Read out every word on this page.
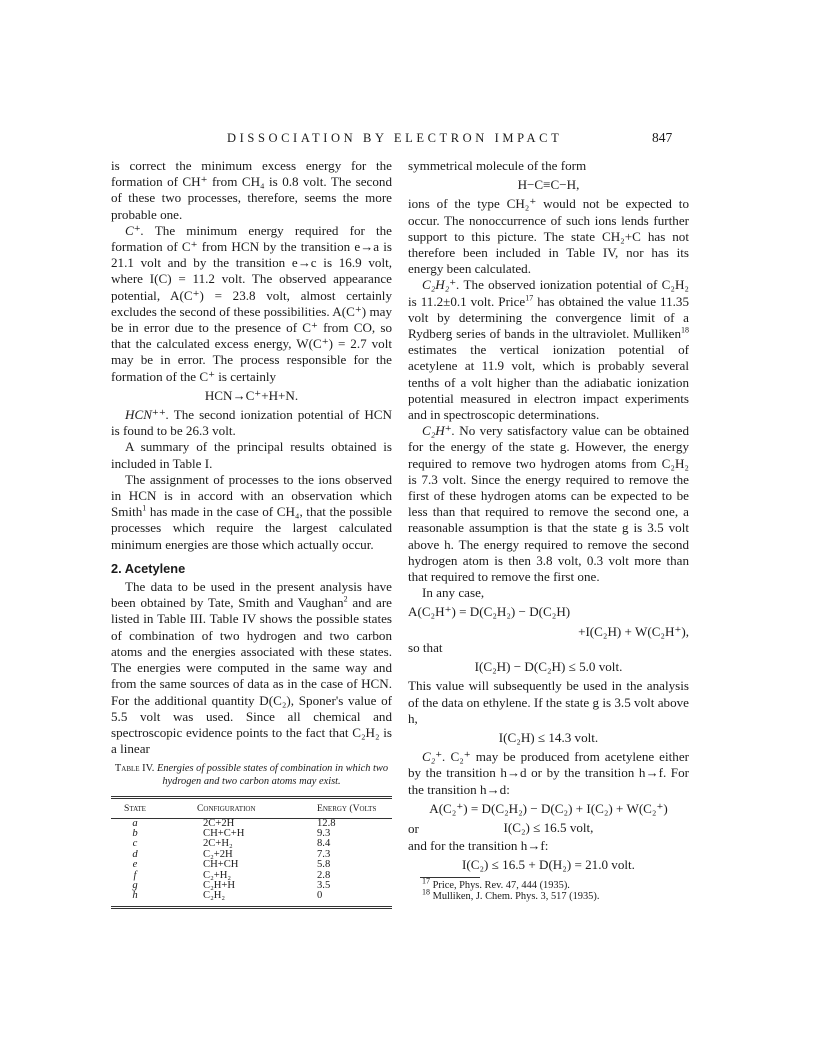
DISSOCIATION BY ELECTRON IMPACT	847

is correct the minimum excess energy for the formation of CH⁺ from CH₄ is 0.8 volt. The second of these two processes, therefore, seems the more probable one.

C⁺. The minimum energy required for the formation of C⁺ from HCN by the transition e→a is 21.1 volt and by the transition e→c is 16.9 volt, where I(C) = 11.2 volt. The observed appearance potential, A(C⁺) = 23.8 volt, almost certainly excludes the second of these possibilities. A(C⁺) may be in error due to the presence of C⁺ from CO, so that the calculated excess energy, W(C⁺) = 2.7 volt may be in error. The process responsible for the formation of the C⁺ is certainly

HCN→C⁺+H+N.

HCN⁺⁺. The second ionization potential of HCN is found to be 26.3 volt.

A summary of the principal results obtained is included in Table I.

The assignment of processes to the ions observed in HCN is in accord with an observation which Smith$^1$ has made in the case of CH₄, that the possible processes which require the largest calculated minimum energies are those which actually occur.

2. Acetylene

The data to be used in the present analysis have been obtained by Tate, Smith and Vaughan$^2$ and are listed in Table III. Table IV shows the possible states of combination of two hydrogen and two carbon atoms and the energies associated with these states. The energies were computed in the same way and from the same sources of data as in the case of HCN. For the additional quantity D(C₂), Sponer's value of 5.5 volt was used. Since all chemical and spectroscopic evidence points to the fact that C₂H₂ is a linear

Table IV. Energies of possible states of combination in which two hydrogen and two carbon atoms may exist.
State	Configuration	Energy (Volts

a	2C+2H	12.8
b	CH+C+H	9.3
c	2C+H₂	8.4
d	C₂+2H	7.3
e	CH+CH	5.8
f	C₂+H₂	2.8
g	C₂H+H	3.5
h	C₂H₂	0

symmetrical molecule of the form

H−C≡C−H,

ions of the type CH₂⁺ would not be expected to occur. The nonoccurrence of such ions lends further support to this picture. The state CH₂+C has not therefore been included in Table IV, nor has its energy been calculated.

C₂H₂⁺. The observed ionization potential of C₂H₂ is 11.2±0.1 volt. Price$^{17}$ has obtained the value 11.35 volt by determining the convergence limit of a Rydberg series of bands in the ultraviolet. Mulliken$^{18}$ estimates the vertical ionization potential of acetylene at 11.9 volt, which is probably several tenths of a volt higher than the adiabatic ionization potential measured in electron impact experiments and in spectroscopic determinations.

C₂H⁺. No very satisfactory value can be obtained for the energy of the state g. However, the energy required to remove two hydrogen atoms from C₂H₂ is 7.3 volt. Since the energy required to remove the first of these hydrogen atoms can be expected to be less than that required to remove the second one, a reasonable assumption is that the state g is 3.5 volt above h. The energy required to remove the second hydrogen atom is then 3.8 volt, 0.3 volt more than that required to remove the first one.

In any case,

A(C₂H⁺) = D(C₂H₂) − D(C₂H)
+I(C₂H) + W(C₂H⁺),

so that

I(C₂H) − D(C₂H) ≤ 5.0 volt.

This value will subsequently be used in the analysis of the data on ethylene. If the state g is 3.5 volt above h,

I(C₂H) ≤ 14.3 volt.

C₂⁺. C₂⁺ may be produced from acetylene either by the transition h→d or by the transition h→f. For the transition h→d:

A(C₂⁺) = D(C₂H₂) − D(C₂) + I(C₂) + W(C₂⁺)
or	I(C₂) ≤ 16.5 volt,

and for the transition h→f:

I(C₂) ≤ 16.5 + D(H₂) = 21.0 volt.
$^{17}$ Price, Phys. Rev. 47, 444 (1935).
$^{18}$ Mulliken, J. Chem. Phys. 3, 517 (1935).
